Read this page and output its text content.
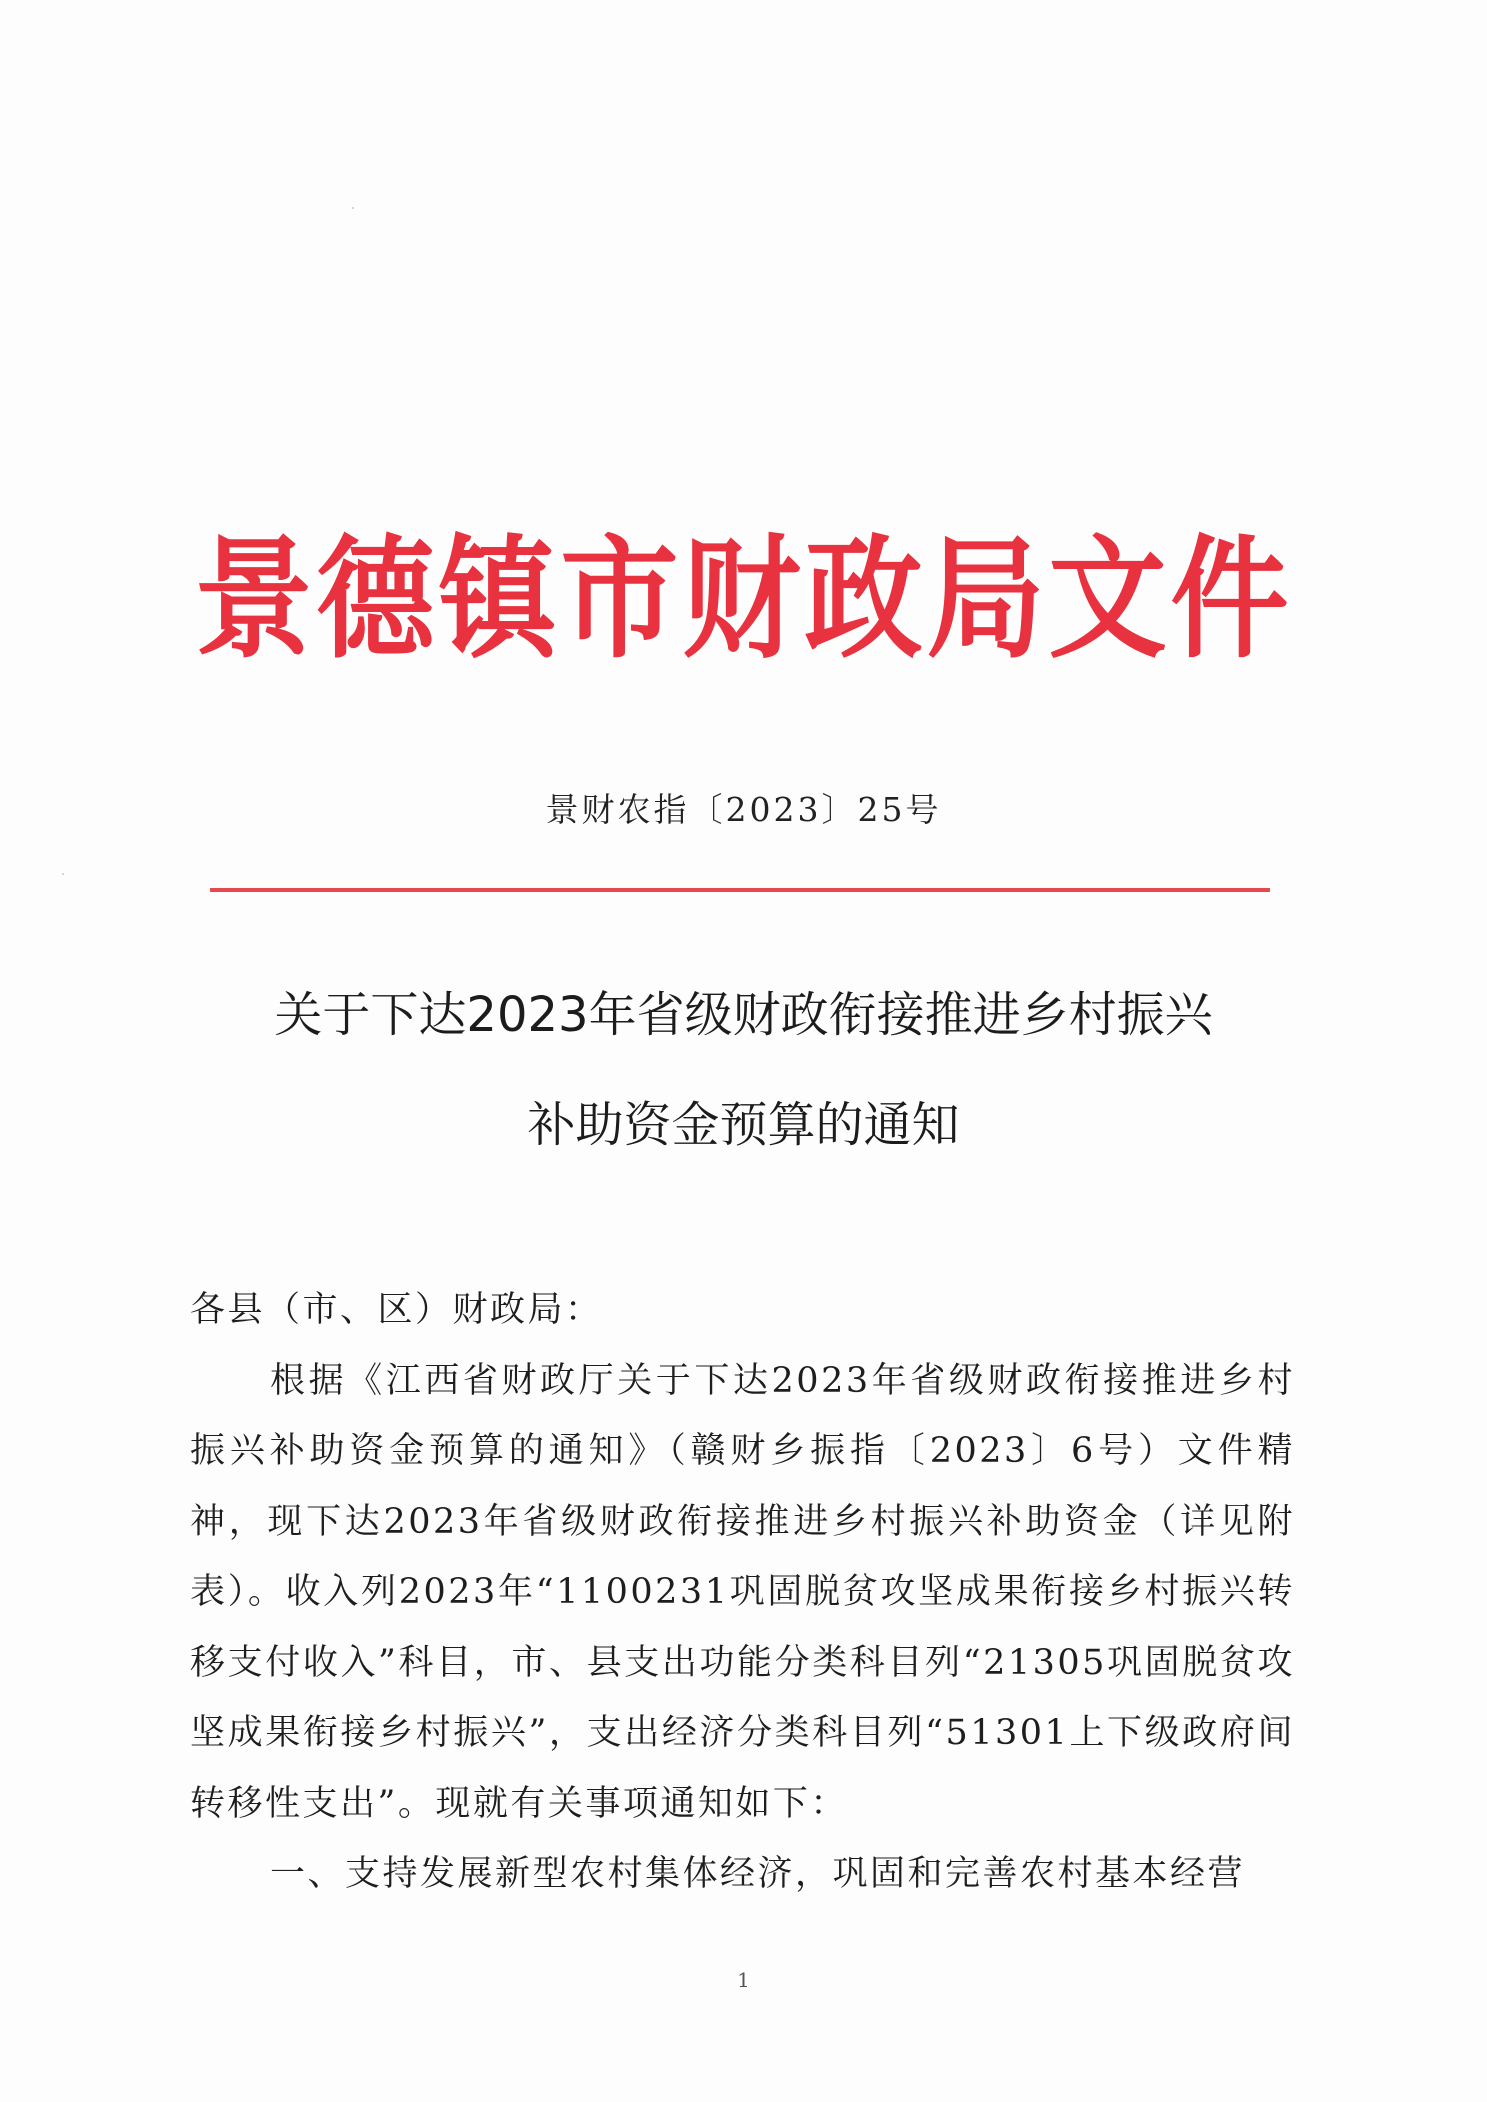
景德镇市财政局文件
景财农指〔2023〕25号
关于下达2023年省级财政衔接推进乡村振兴
补助资金预算的通知

各县（市、区）财政局：

根据《江西省财政厅关于下达2023年省级财政衔接推进乡村振兴补助资金预算的通知》（赣财乡振指〔2023〕6号）文件精神，现下达2023年省级财政衔接推进乡村振兴补助资金（详见附表）。收入列2023年“1100231巩固脱贫攻坚成果衔接乡村振兴转移支付收入”科目，市、县支出功能分类科目列“21305巩固脱贫攻坚成果衔接乡村振兴”，支出经济分类科目列“51301上下级政府间转移性支出”。现就有关事项通知如下：

一、支持发展新型农村集体经济，巩固和完善农村基本经营

1
